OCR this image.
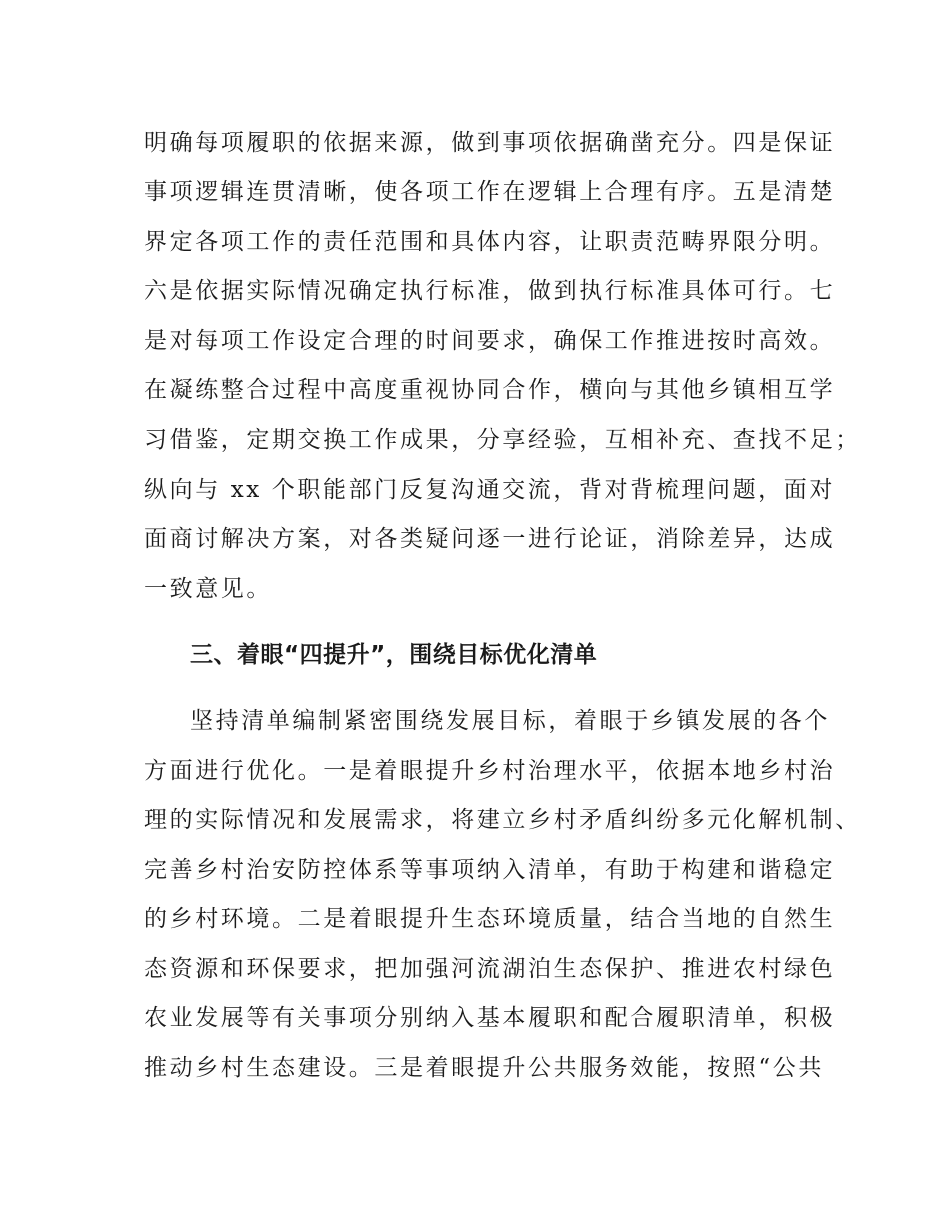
明确每项履职的依据来源，做到事项依据确凿充分。四是保证
事项逻辑连贯清晰，使各项工作在逻辑上合理有序。五是清楚
界定各项工作的责任范围和具体内容，让职责范畴界限分明。
六是依据实际情况确定执行标准，做到执行标准具体可行。七
是对每项工作设定合理的时间要求，确保工作推进按时高效。
在凝练整合过程中高度重视协同合作，横向与其他乡镇相互学
习借鉴，定期交换工作成果，分享经验，互相补充、查找不足；
纵向与 xx 个职能部门反复沟通交流，背对背梳理问题，面对
面商讨解决方案，对各类疑问逐一进行论证，消除差异，达成
一致意见。
三、着眼“四提升”，围绕目标优化清单
坚持清单编制紧密围绕发展目标，着眼于乡镇发展的各个
方面进行优化。一是着眼提升乡村治理水平，依据本地乡村治
理的实际情况和发展需求，将建立乡村矛盾纠纷多元化解机制、
完善乡村治安防控体系等事项纳入清单，有助于构建和谐稳定
的乡村环境。二是着眼提升生态环境质量，结合当地的自然生
态资源和环保要求，把加强河流湖泊生态保护、推进农村绿色
农业发展等有关事项分别纳入基本履职和配合履职清单，积极
推动乡村生态建设。三是着眼提升公共服务效能，按照“公共
